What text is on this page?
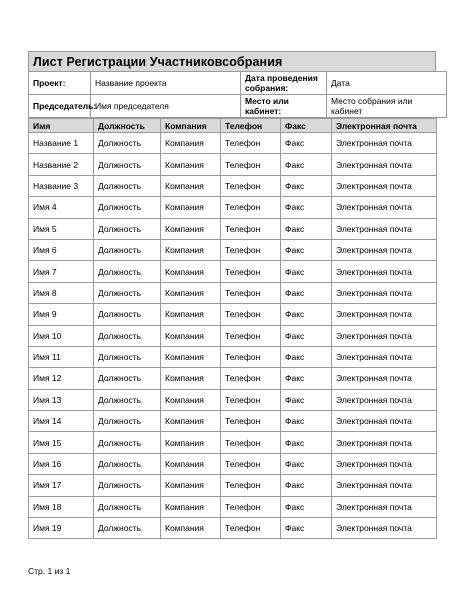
Лист Регистрации Участниковсобрания
Проект:	Название проекта	Дата проведения собрания:	Дата
Председатель:	Имя председателя	Место или кабинет:	Место собрания или кабинет
Имя	Должность	Компания	Телефон	Факс	Электронная почта
Название 1	Должность	Компания	Телефон	Факс	Электронная почта
Название 2	Должность	Компания	Телефон	Факс	Электронная почта
Название 3	Должность	Компания	Телефон	Факс	Электронная почта
Имя 4	Должность	Компания	Телефон	Факс	Электронная почта
Имя 5	Должность	Компания	Телефон	Факс	Электронная почта
Имя 6	Должность	Компания	Телефон	Факс	Электронная почта
Имя 7	Должность	Компания	Телефон	Факс	Электронная почта
Имя 8	Должность	Компания	Телефон	Факс	Электронная почта
Имя 9	Должность	Компания	Телефон	Факс	Электронная почта
Имя 10	Должность	Компания	Телефон	Факс	Электронная почта
Имя 11	Должность	Компания	Телефон	Факс	Электронная почта
Имя 12	Должность	Компания	Телефон	Факс	Электронная почта
Имя 13	Должность	Компания	Телефон	Факс	Электронная почта
Имя 14	Должность	Компания	Телефон	Факс	Электронная почта
Имя 15	Должность	Компания	Телефон	Факс	Электронная почта
Имя 16	Должность	Компания	Телефон	Факс	Электронная почта
Имя 17	Должность	Компания	Телефон	Факс	Электронная почта
Имя 18	Должность	Компания	Телефон	Факс	Электронная почта
Имя 19	Должность	Компания	Телефон	Факс	Электронная почта
Стр. 1 из 1
